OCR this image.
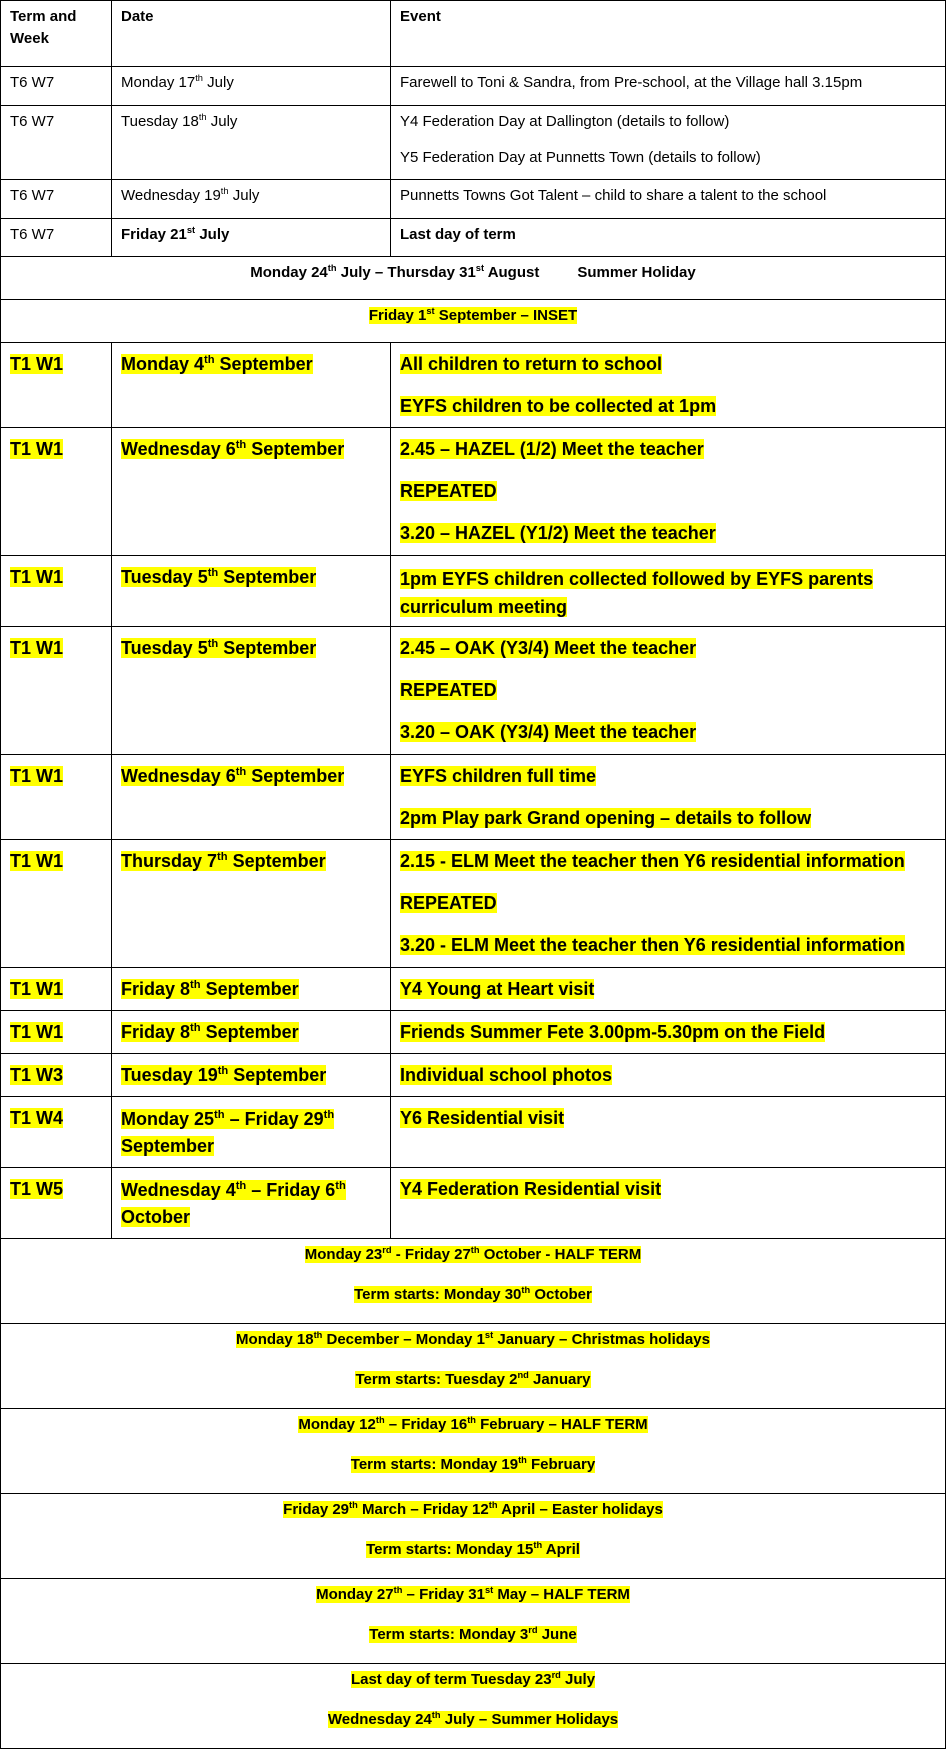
Term and Week	Date	Event
T6 W7	Monday 17th July	Farewell to Toni & Sandra, from Pre-school, at the Village hall 3.15pm

T6 W7	Tuesday 18th July	Y4 Federation Day at Dallington (details to follow)

Y5 Federation Day at Punnetts Town (details to follow)

T6 W7	Wednesday 19th July	Punnetts Towns Got Talent – child to share a talent to the school

T6 W7	Friday 21st July	Last day of term

Monday 24th July – Thursday 31st August Summer Holiday		
Friday 1st September – INSET		
T1 W1	Monday 4th September	All children to return to school

EYFS children to be collected at 1pm

T1 W1	Wednesday 6th September	2.45 – HAZEL (1/2) Meet the teacher

REPEATED

3.20 – HAZEL (Y1/2) Meet the teacher

T1 W1	Tuesday 5th September	1pm EYFS children collected followed by EYFS parents curriculum meeting

T1 W1	Tuesday 5th September	2.45 – OAK (Y3/4) Meet the teacher

REPEATED

3.20 – OAK (Y3/4) Meet the teacher

T1 W1	Wednesday 6th September	EYFS children full time

2pm Play park Grand opening – details to follow

T1 W1	Thursday 7th September	2.15 - ELM Meet the teacher then Y6 residential information

REPEATED

3.20 - ELM Meet the teacher then Y6 residential information

T1 W1	Friday 8th September	Y4 Young at Heart visit

T1 W1	Friday 8th September	Friends Summer Fete 3.00pm-5.30pm on the Field

T1 W3	Tuesday 19th September	Individual school photos

T1 W4	Monday 25th – Friday 29th
September	Y6 Residential visit

T1 W5	Wednesday 4th – Friday 6th
October	Y4 Federation Residential visit

Monday 23rd - Friday 27th October - HALF TERM

Term starts: Monday 30th October		

Monday 18th December – Monday 1st January – Christmas holidays

Term starts: Tuesday 2nd January		

Monday 12th – Friday 16th February – HALF TERM

Term starts: Monday 19th February		

Friday 29th March – Friday 12th April – Easter holidays

Term starts: Monday 15th April		

Monday 27th – Friday 31st May – HALF TERM

Term starts: Monday 3rd June		

Last day of term Tuesday 23rd July

Wednesday 24th July – Summer Holidays		
